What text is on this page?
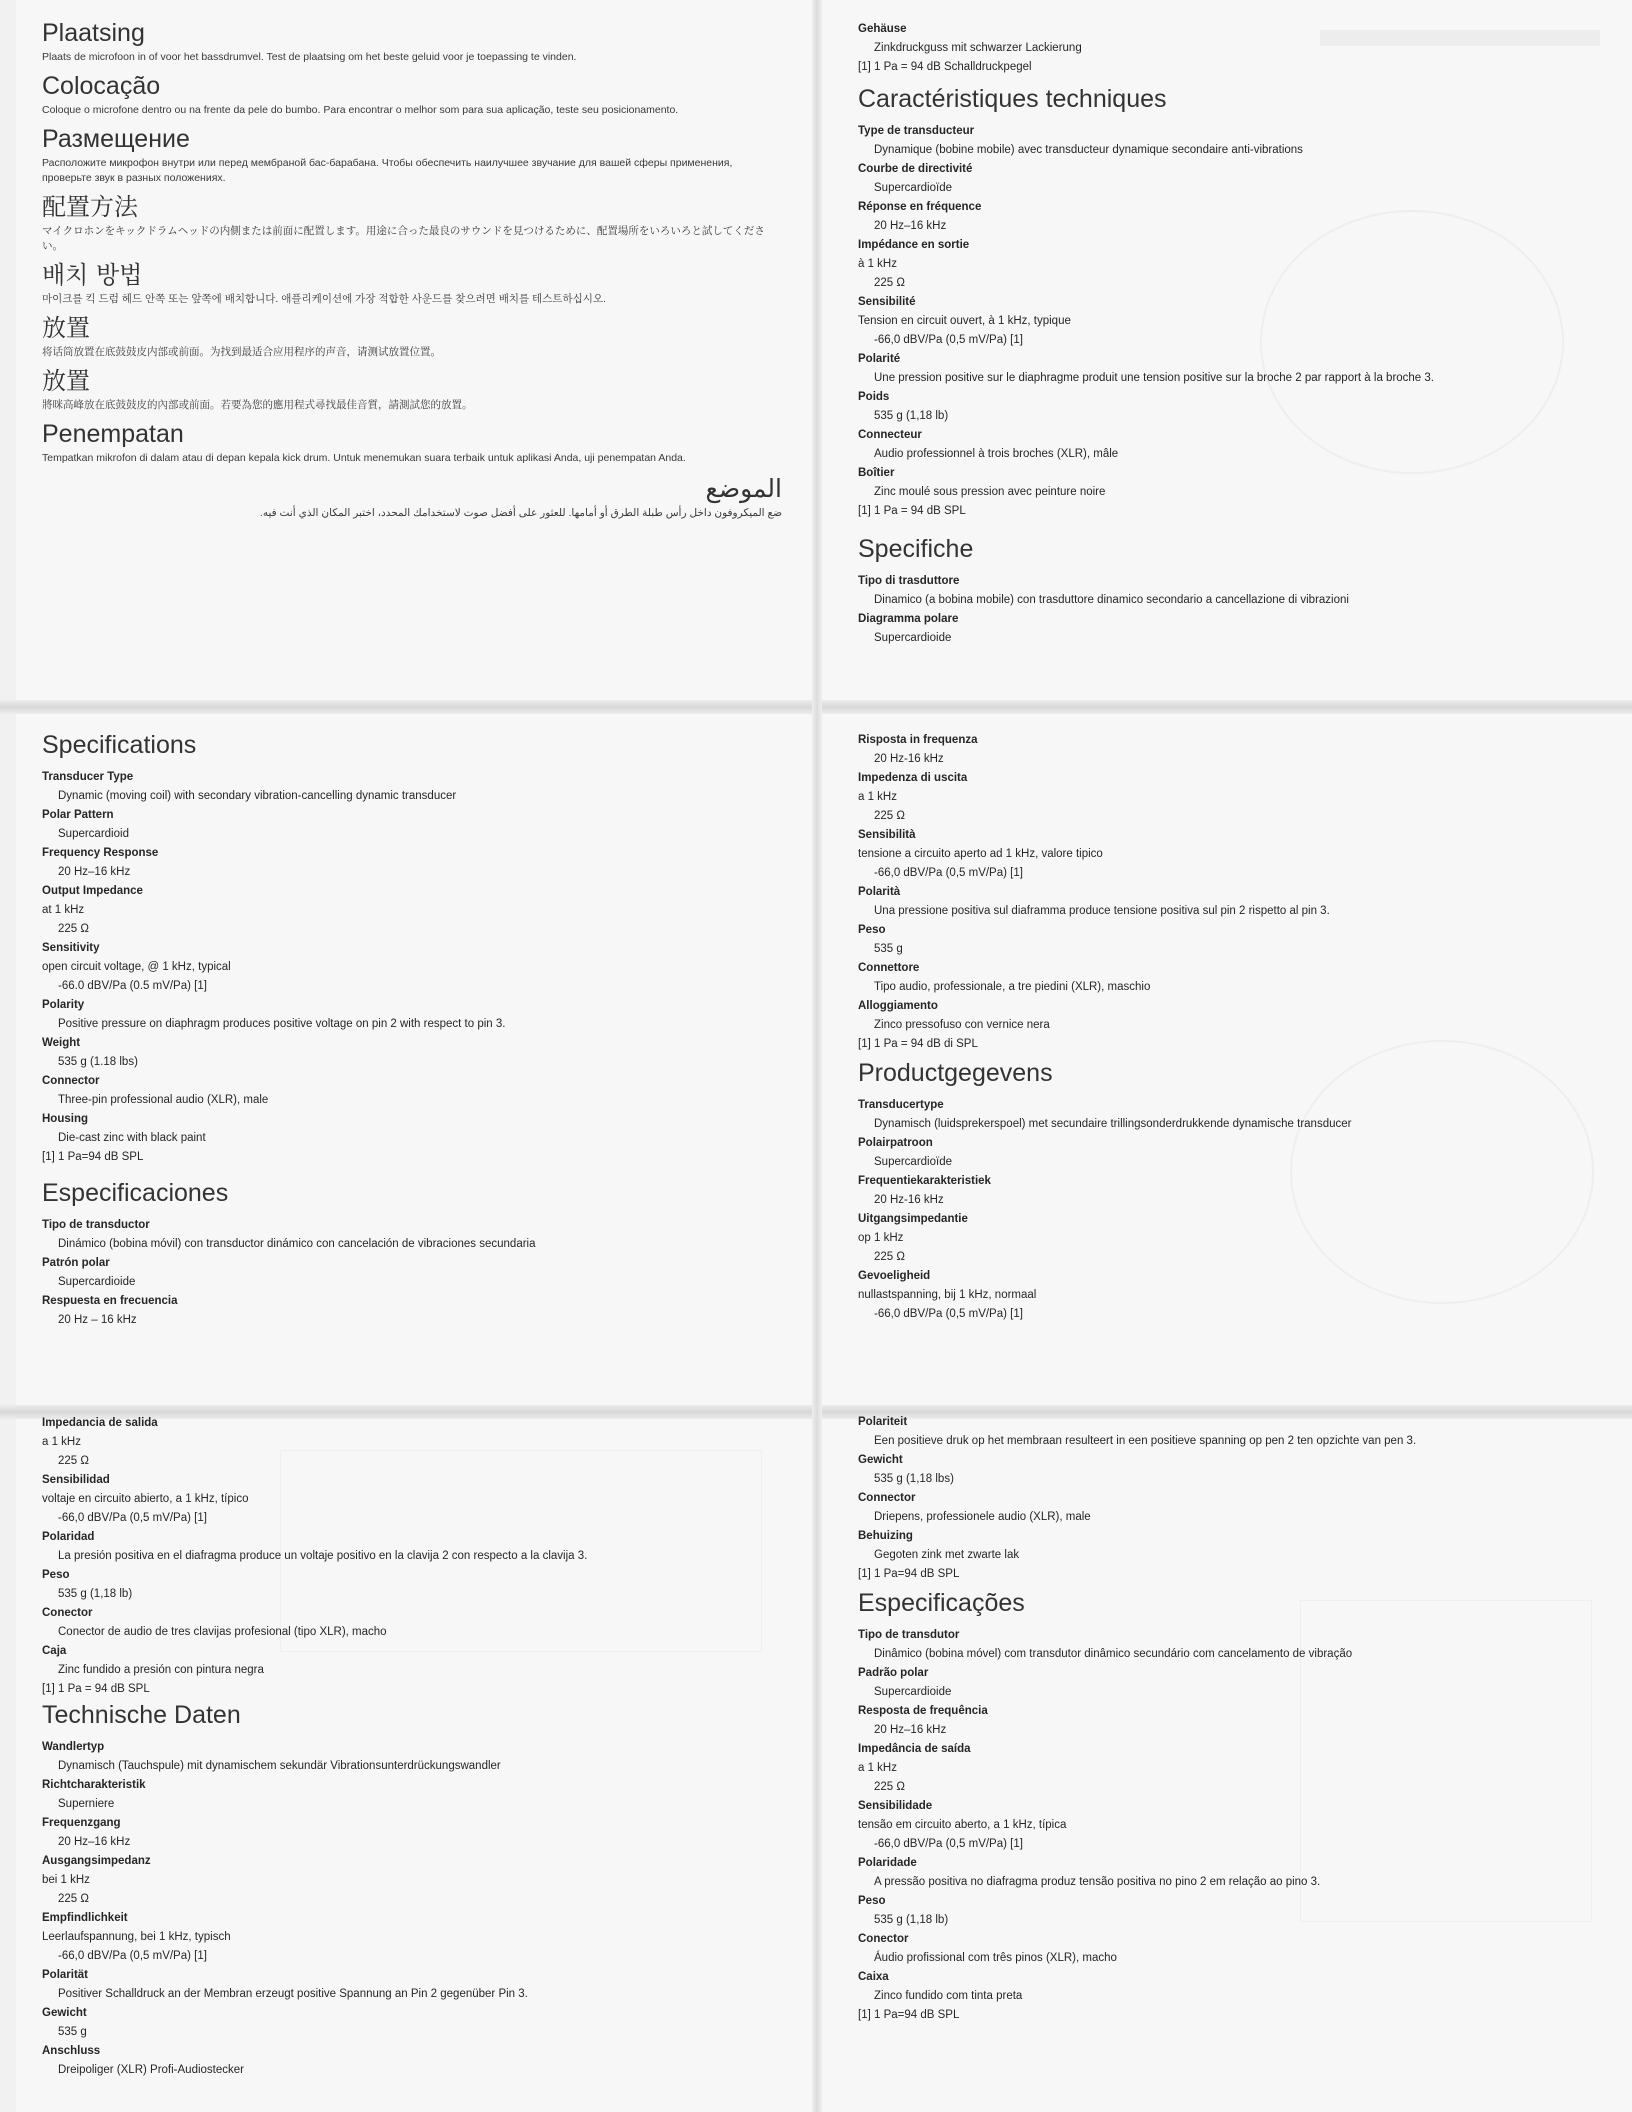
Plaatsing

Plaats de microfoon in of voor het bassdrumvel. Test de plaatsing om het beste geluid voor je toepassing te vinden.

Colocação

Coloque o microfone dentro ou na frente da pele do bumbo. Para encontrar o melhor som para sua aplicação, teste seu posicionamento.

Размещение

Расположите микрофон внутри или перед мембраной бас-барабана. Чтобы обеспечить наилучшее звучание для вашей сферы применения, проверьте звук в разных положениях.

配置方法

マイクロホンをキックドラムヘッドの内側または前面に配置します。用途に合った最良のサウンドを見つけるために、配置場所をいろいろと試してください。

배치 방법

마이크를 킥 드럼 헤드 안쪽 또는 앞쪽에 배치합니다. 애플리케이션에 가장 적합한 사운드를 찾으려면 배치를 테스트하십시오.

放置

将话筒放置在底鼓鼓皮内部或前面。为找到最适合应用程序的声音，请测试放置位置。

放置

將咪高峰放在底鼓鼓皮的內部或前面。若要為您的應用程式尋找最佳音質，請測試您的放置。

Penempatan

Tempatkan mikrofon di dalam atau di depan kepala kick drum. Untuk menemukan suara terbaik untuk aplikasi Anda, uji penempatan Anda.

الموضع

ضع الميكروفون داخل رأس طبلة الطرق أو أمامها. للعثور على أفضل صوت لاستخدامك المحدد، اختبر المكان الذي أنت فيه.

Specifications

Transducer Type

Dynamic (moving coil) with secondary vibration-cancelling dynamic transducer

Polar Pattern

Supercardioid

Frequency Response

20 Hz–16 kHz

Output Impedance

at 1 kHz

225 Ω

Sensitivity

open circuit voltage, @ 1 kHz, typical

-66.0 dBV/Pa (0.5 mV/Pa) [1]

Polarity

Positive pressure on diaphragm produces positive voltage on pin 2 with respect to pin 3.

Weight

535 g (1.18 lbs)

Connector

Three-pin professional audio (XLR), male

Housing

Die-cast zinc with black paint

[1] 1 Pa=94 dB SPL

Especificaciones

Tipo de transductor

Dinámico (bobina móvil) con transductor dinámico con cancelación de vibraciones secundaria

Patrón polar

Supercardioide

Respuesta en frecuencia

20 Hz – 16 kHz

Impedancia de salida

a 1 kHz

225 Ω

Sensibilidad

voltaje en circuito abierto, a 1 kHz, típico

-66,0 dBV/Pa (0,5 mV/Pa) [1]

Polaridad

La presión positiva en el diafragma produce un voltaje positivo en la clavija 2 con respecto a la clavija 3.

Peso

535 g (1,18 lb)

Conector

Conector de audio de tres clavijas profesional (tipo XLR), macho

Caja

Zinc fundido a presión con pintura negra

[1] 1 Pa = 94 dB SPL

Technische Daten

Wandlertyp

Dynamisch (Tauchspule) mit dynamischem sekundär Vibrationsunterdrückungswandler

Richtcharakteristik

Superniere

Frequenzgang

20 Hz–16 kHz

Ausgangsimpedanz

bei 1 kHz

225 Ω

Empfindlichkeit

Leerlaufspannung, bei 1 kHz, typisch

-66,0 dBV/Pa (0,5 mV/Pa) [1]

Polarität

Positiver Schalldruck an der Membran erzeugt positive Spannung an Pin 2 gegenüber Pin 3.

Gewicht

535 g

Anschluss

Dreipoliger (XLR) Profi-Audiostecker

Gehäuse

Zinkdruckguss mit schwarzer Lackierung

[1] 1 Pa = 94 dB Schalldruckpegel

Caractéristiques techniques

Type de transducteur

Dynamique (bobine mobile) avec transducteur dynamique secondaire anti-vibrations

Courbe de directivité

Supercardioïde

Réponse en fréquence

20 Hz–16 kHz

Impédance en sortie

à 1 kHz

225 Ω

Sensibilité

Tension en circuit ouvert, à 1 kHz, typique

-66,0 dBV/Pa (0,5 mV/Pa) [1]

Polarité

Une pression positive sur le diaphragme produit une tension positive sur la broche 2 par rapport à la broche 3.

Poids

535 g (1,18 lb)

Connecteur

Audio professionnel à trois broches (XLR), mâle

Boîtier

Zinc moulé sous pression avec peinture noire

[1] 1 Pa = 94 dB SPL

Specifiche

Tipo di trasduttore

Dinamico (a bobina mobile) con trasduttore dinamico secondario a cancellazione di vibrazioni

Diagramma polare

Supercardioide

Risposta in frequenza

20 Hz-16 kHz

Impedenza di uscita

a 1 kHz

225 Ω

Sensibilità

tensione a circuito aperto ad 1 kHz, valore tipico

-66,0 dBV/Pa (0,5 mV/Pa) [1]

Polarità

Una pressione positiva sul diaframma produce tensione positiva sul pin 2 rispetto al pin 3.

Peso

535 g

Connettore

Tipo audio, professionale, a tre piedini (XLR), maschio

Alloggiamento

Zinco pressofuso con vernice nera

[1] 1 Pa = 94 dB di SPL

Productgegevens

Transducertype

Dynamisch (luidsprekerspoel) met secundaire trillingsonderdrukkende dynamische transducer

Polairpatroon

Supercardioïde

Frequentiekarakteristiek

20 Hz-16 kHz

Uitgangsimpedantie

op 1 kHz

225 Ω

Gevoeligheid

nullastspanning, bij 1 kHz, normaal

-66,0 dBV/Pa (0,5 mV/Pa) [1]

Polariteit

Een positieve druk op het membraan resulteert in een positieve spanning op pen 2 ten opzichte van pen 3.

Gewicht

535 g (1,18 lbs)

Connector

Driepens, professionele audio (XLR), male

Behuizing

Gegoten zink met zwarte lak

[1] 1 Pa=94 dB SPL

Especificações

Tipo de transdutor

Dinâmico (bobina móvel) com transdutor dinâmico secundário com cancelamento de vibração

Padrão polar

Supercardioide

Resposta de frequência

20 Hz–16 kHz

Impedância de saída

a 1 kHz

225 Ω

Sensibilidade

tensão em circuito aberto, a 1 kHz, típica

-66,0 dBV/Pa (0,5 mV/Pa) [1]

Polaridade

A pressão positiva no diafragma produz tensão positiva no pino 2 em relação ao pino 3.

Peso

535 g (1,18 lb)

Conector

Áudio profissional com três pinos (XLR), macho

Caixa

Zinco fundido com tinta preta

[1] 1 Pa=94 dB SPL
